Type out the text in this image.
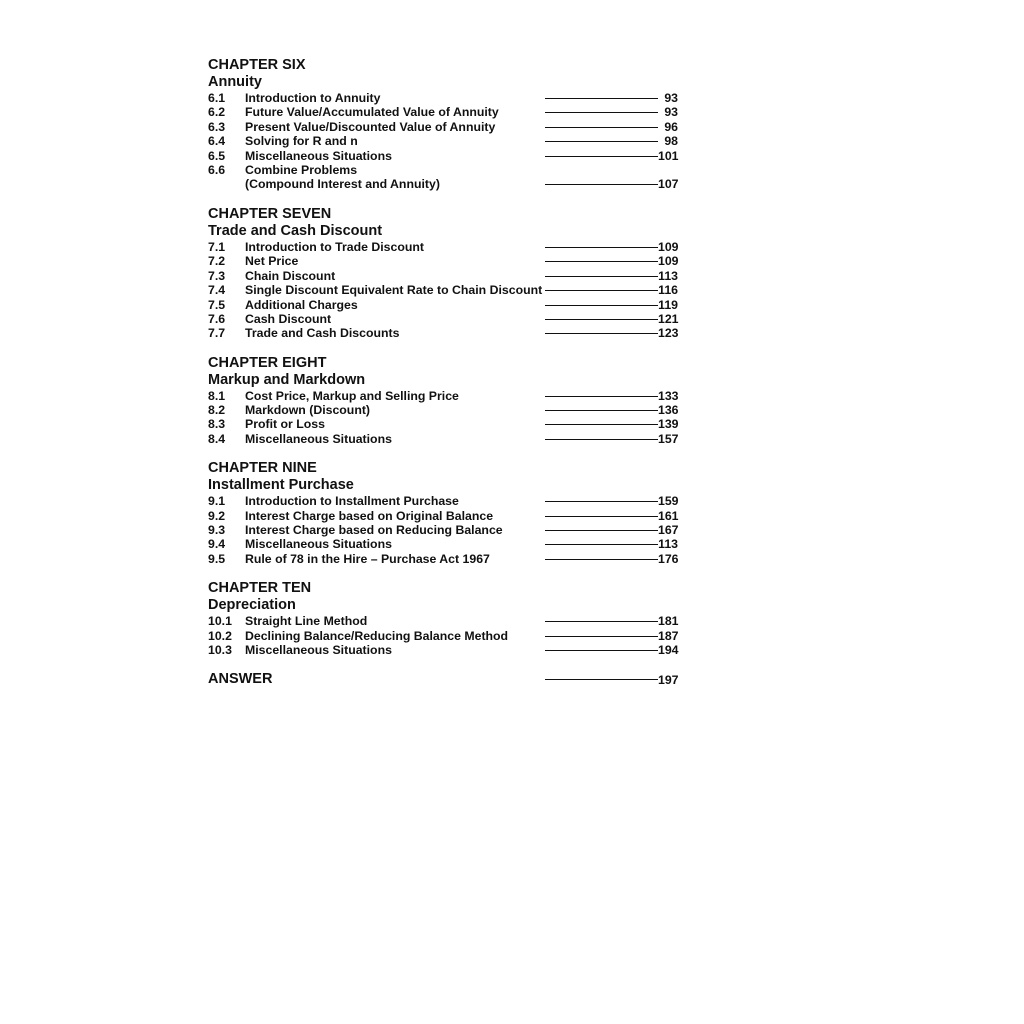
CHAPTER SIX
Annuity
6.1 Introduction to Annuity	93
6.2 Future Value/Accumulated Value of Annuity	93
6.3 Present Value/Discounted Value of Annuity	96
6.4 Solving for R and n	98
6.5 Miscellaneous Situations	101
6.6 Combine Problems
(Compound Interest and Annuity)	107
CHAPTER SEVEN
Trade and Cash Discount
7.1 Introduction to Trade Discount	109
7.2 Net Price	109
7.3 Chain Discount	113
7.4 Single Discount Equivalent Rate to Chain Discount	116
7.5 Additional Charges	119
7.6 Cash Discount	121
7.7 Trade and Cash Discounts	123
CHAPTER EIGHT
Markup and Markdown
8.1 Cost Price, Markup and Selling Price	133
8.2 Markdown (Discount)	136
8.3 Profit or Loss	139
8.4 Miscellaneous Situations	157
CHAPTER NINE
Installment Purchase
9.1 Introduction to Installment Purchase	159
9.2 Interest Charge based on Original Balance	161
9.3 Interest Charge based on Reducing Balance	167
9.4 Miscellaneous Situations	113
9.5 Rule of 78 in the Hire – Purchase Act 1967	176
CHAPTER TEN
Depreciation
10.1 Straight Line Method	181
10.2 Declining Balance/Reducing Balance Method	187
10.3 Miscellaneous Situations	194
ANSWER	197
